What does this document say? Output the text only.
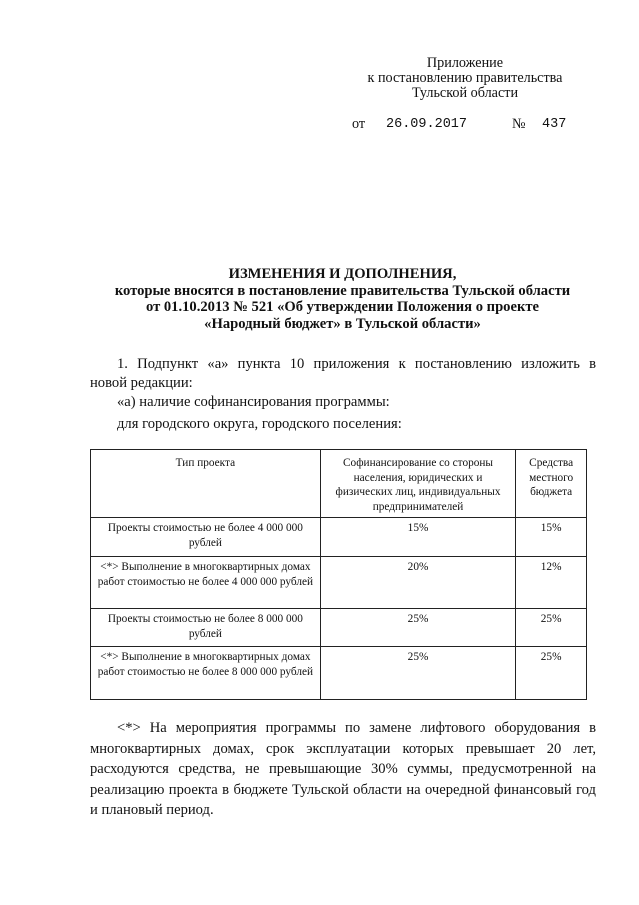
Приложение
к постановлению правительства
Тульской области
от 26.09.2017	№ 437
ИЗМЕНЕНИЯ И ДОПОЛНЕНИЯ,
которые вносятся в постановление правительства Тульской области
от 01.10.2013 № 521 «Об утверждении Положения о проекте
«Народный бюджет» в Тульской области»
1. Подпункт «а» пункта 10 приложения к постановлению изложить в
новой редакции:
«а) наличие софинансирования программы:
для городского округа, городского поселения:
Тип проекта	Софинансирование со стороны населения, юридических и физических лиц, индивидуальных предпринимателей	Средства местного бюджета
Проекты стоимостью не более 4 000 000 рублей	15%	15%
<*> Выполнение в многоквартирных домах работ стоимостью не более 4 000 000 рублей	20%	12%
Проекты стоимостью не более 8 000 000 рублей	25%	25%
<*> Выполнение в многоквартирных домах работ стоимостью не более 8 000 000 рублей	25%	25%
<*> На мероприятия программы по замене лифтового оборудования в многоквартирных домах, срок эксплуатации которых превышает 20 лет, расходуются средства, не превышающие 30% суммы, предусмотренной на реализацию проекта в бюджете Тульской области на очередной финансовый год и плановый период.
